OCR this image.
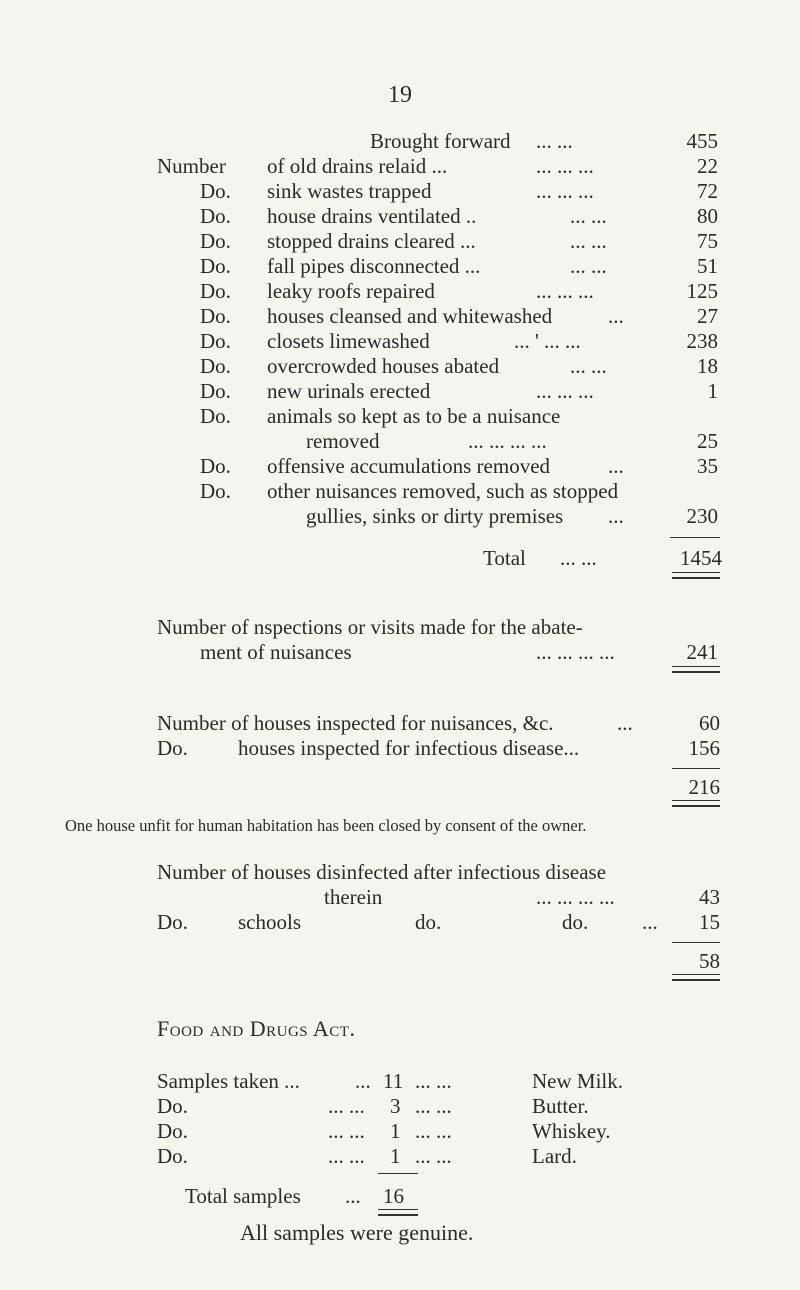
19
Brought forward ... ...	455
Number of old drains relaid ...	... ... ...	22
Do. sink wastes trapped	... ... ...	72
Do. house drains ventilated ..	... ...	80
Do. stopped drains cleared ...	... ...	75
Do. fall pipes disconnected ...	... ...	51
Do. leaky roofs repaired	... ... ...	125
Do. houses cleansed and whitewashed	...	27
Do. closets limewashed	... ' ... ...	238
Do. overcrowded houses abated	... ...	18
Do. new urinals erected	... ... ...	1
Do. animals so kept as to be a nuisance
removed	... ... ... ...	25
Do. offensive accumulations removed	...	35
Do. other nuisances removed, such as stopped
gullies, sinks or dirty premises ...	230
Total ... ...	1454
Number of nspections or visits made for the abate-
ment of nuisances	... ... ... ...	241
Number of houses inspected for nuisances, &c.	...	60
Do. houses inspected for infectious disease...	156
216
One house unfit for human habitation has been closed by consent of the owner.
Number of houses disinfected after infectious disease
therein	... ... ... ...	43
Do. schools	do.	do.	...	15
58
Food and Drugs Act.
Samples taken ...	... 11 ... ...	New Milk.
Do.	... ... 3 ... ...	Butter.
Do.	... ... 1 ... ...	Whiskey.
Do.	... ... 1 ... ...	Lard.
Total samples ... 16
All samples were genuine.
